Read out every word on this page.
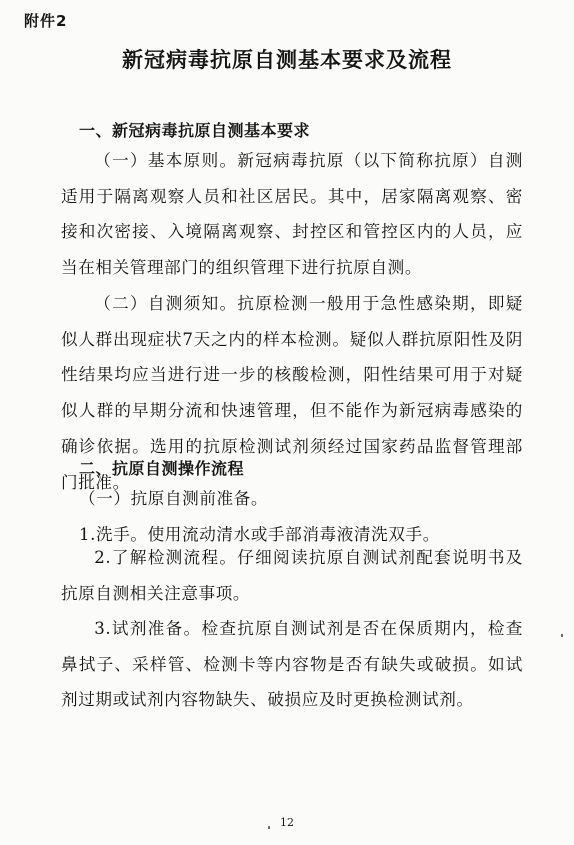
附件2
新冠病毒抗原自测基本要求及流程
一、新冠病毒抗原自测基本要求

（一）基本原则。新冠病毒抗原（以下简称抗原）自测适用于隔离观察人员和社区居民。其中，居家隔离观察、密接和次密接、入境隔离观察、封控区和管控区内的人员，应当在相关管理部门的组织管理下进行抗原自测。

（二）自测须知。抗原检测一般用于急性感染期，即疑似人群出现症状7天之内的样本检测。疑似人群抗原阳性及阴性结果均应当进行进一步的核酸检测，阳性结果可用于对疑似人群的早期分流和快速管理，但不能作为新冠病毒感染的确诊依据。选用的抗原检测试剂须经过国家药品监督管理部门批准。

二、抗原自测操作流程
（一）抗原自测前准备。
1.洗手。使用流动清水或手部消毒液清洗双手。

2.了解检测流程。仔细阅读抗原自测试剂配套说明书及抗原自测相关注意事项。

3.试剂准备。检查抗原自测试剂是否在保质期内，检查鼻拭子、采样管、检测卡等内容物是否有缺失或破损。如试剂过期或试剂内容物缺失、破损应及时更换检测试剂。

12
